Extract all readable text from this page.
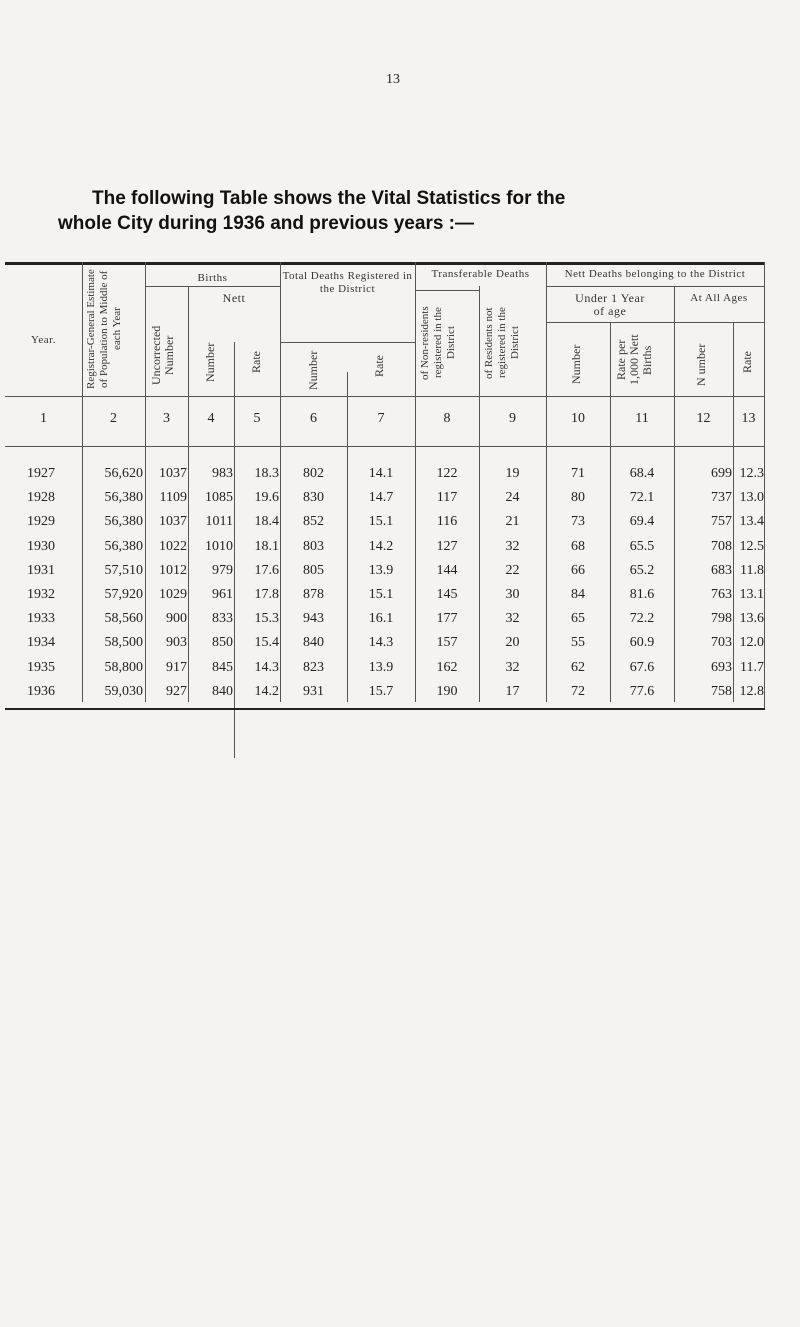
13
The following Table shows the Vital Statistics for the
whole City during 1936 and previous years :—
Year.	Registrar-General Estimate of Population to Middle of each Year
Births
Nett
Uncorrected Number	Number	Rate
Total Deaths Registered in the District
Number	Rate
Transferable Deaths
of Non-residents registered in the District	of Residents not registered in the District
Nett Deaths belonging to the District
Under 1 Year of age
At All Ages
Number	Rate per 1,000 Nett Births	N umber	Rate
1	2	3	4	5	6	7	8	9	10	11	12	13
1927	56,620	1037	983	18.3	802	14.1	122	19	71	68.4	699 12.3
1928	56,380	1109	1085	19.6	830	14.7	117	24	80	72.1	737 13.0
1929	56,380	1037	1011	18.4	852	15.1	116	21	73	69.4	757 13.4
1930	56,380	1022	1010	18.1	803	14.2	127	32	68	65.5	708 12.5
1931	57,510	1012	979	17.6	805	13.9	144	22	66	65.2	683 11.8
1932	57,920	1029	961	17.8	878	15.1	145	30	84	81.6	763 13.1
1933	58,560	900	833	15.3	943	16.1	177	32	65	72.2	798 13.6
1934	58,500	903	850	15.4	840	14.3	157	20	55	60.9	703 12.0
1935	58,800	917	845	14.3	823	13.9	162	32	62	67.6	693 11.7
1936	59,030	927	840	14.2	931	15.7	190	17	72	77.6	758 12.8
